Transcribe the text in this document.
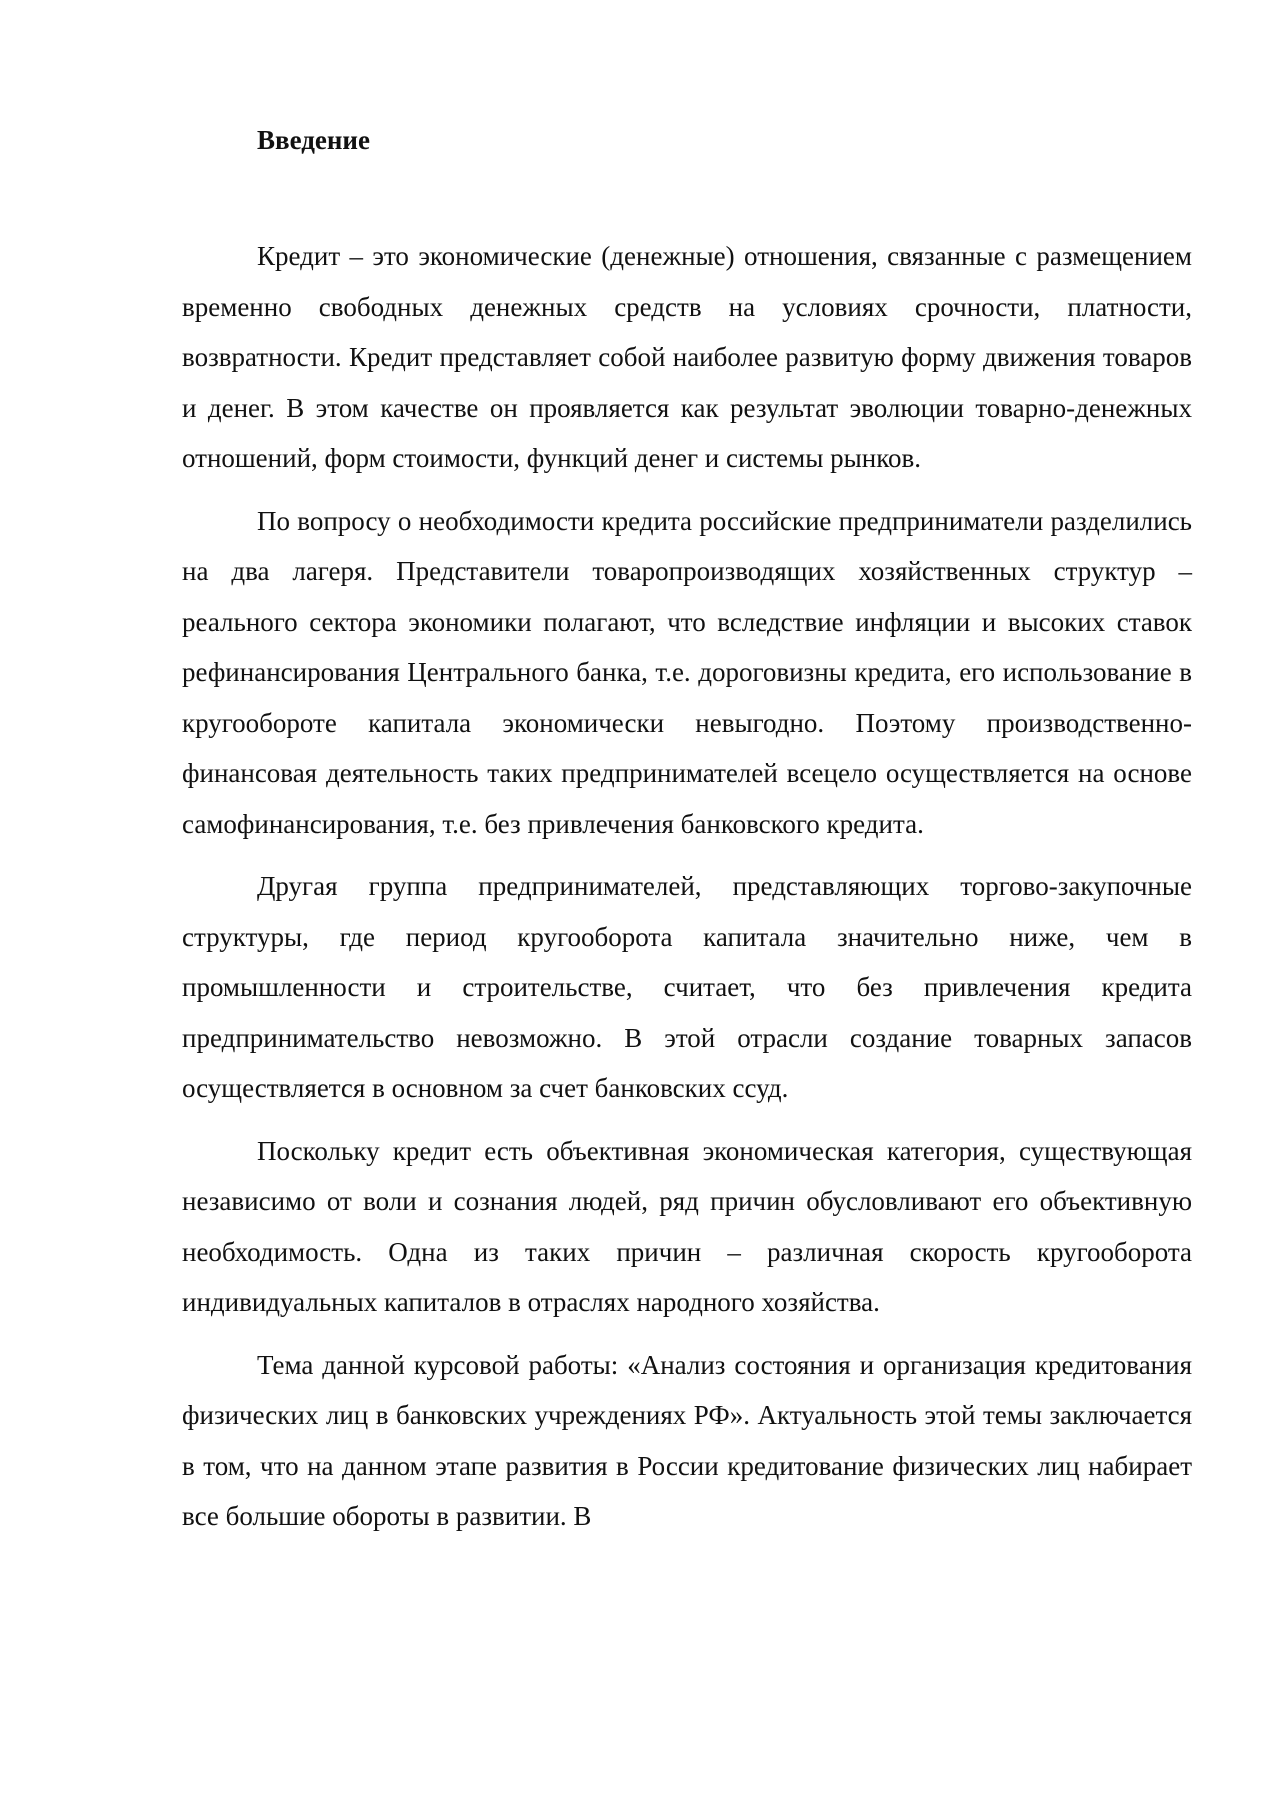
Введение

Кредит – это экономические (денежные) отношения, связанные с размещением временно свободных денежных средств на условиях срочности, платности, возвратности. Кредит представляет собой наиболее развитую форму движения товаров и денег. В этом качестве он проявляется как результат эволюции товарно-денежных отношений, форм стоимости, функций денег и системы рынков.

По вопросу о необходимости кредита российские предприниматели разделились на два лагеря. Представители товаропроизводящих хозяйственных структур – реального сектора экономики полагают, что вследствие инфляции и высоких ставок рефинансирования Центрального банка, т.е. дороговизны кредита, его использование в кругообороте капитала экономически невыгодно. Поэтому производственно-финансовая деятельность таких предпринимателей всецело осуществляется на основе самофинансирования, т.е. без привлечения банковского кредита.

Другая группа предпринимателей, представляющих торгово-закупочные структуры, где период кругооборота капитала значительно ниже, чем в промышленности и строительстве, считает, что без привлечения кредита предпринимательство невозможно. В этой отрасли создание товарных запасов осуществляется в основном за счет банковских ссуд.

Поскольку кредит есть объективная экономическая категория, существующая независимо от воли и сознания людей, ряд причин обусловливают его объективную необходимость. Одна из таких причин – различная скорость кругооборота индивидуальных капиталов в отраслях народного хозяйства.

Тема данной курсовой работы: «Анализ состояния и организация кредитования физических лиц в банковских учреждениях РФ». Актуальность этой темы заключается в том, что на данном этапе развития в России кредитование физических лиц набирает все большие обороты в развитии. В
